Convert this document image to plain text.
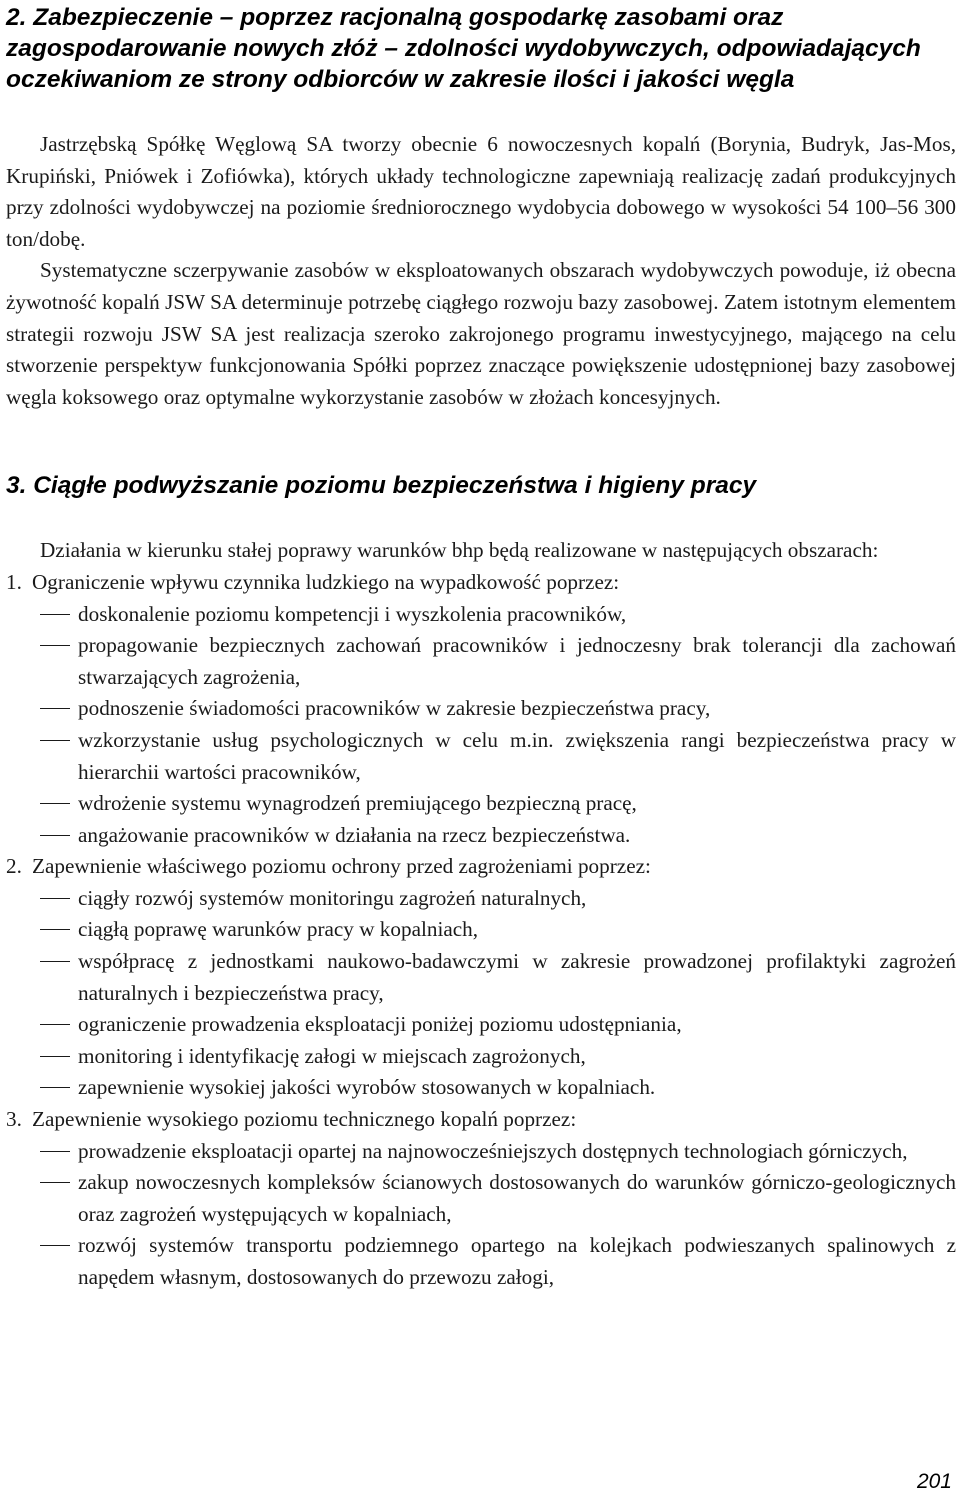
2. Zabezpieczenie – poprzez racjonalną gospodarkę zasobami oraz zagospodarowanie nowych złóż – zdolności wydobywczych, odpowiadających oczekiwaniom ze strony odbiorców w zakresie ilości i jakości węgla

Jastrzębską Spółkę Węglową SA tworzy obecnie 6 nowoczesnych kopalń (Borynia, Budryk, Jas-Mos, Krupiński, Pniówek i Zofiówka), których układy technologiczne zapewniają realizację zadań produkcyjnych przy zdolności wydobywczej na poziomie średniorocznego wydobycia dobowego w wysokości 54 100–56 300 ton/dobę.

Systematyczne sczerpywanie zasobów w eksploatowanych obszarach wydobywczych powoduje, iż obecna żywotność kopalń JSW SA determinuje potrzebę ciągłego rozwoju bazy zasobowej. Zatem istotnym elementem strategii rozwoju JSW SA jest realizacja szeroko zakrojonego programu inwestycyjnego, mającego na celu stworzenie perspektyw funkcjonowania Spółki poprzez znaczące powiększenie udostępnionej bazy zasobowej węgla koksowego oraz optymalne wykorzystanie zasobów w złożach koncesyjnych.

3. Ciągłe podwyższanie poziomu bezpieczeństwa i higieny pracy

Działania w kierunku stałej poprawy warunków bhp będą realizowane w następujących obszarach:

1. Ograniczenie wpływu czynnika ludzkiego na wypadkowość poprzez:
doskonalenie poziomu kompetencji i wyszkolenia pracowników,
propagowanie bezpiecznych zachowań pracowników i jednoczesny brak tolerancji dla zachowań stwarzających zagrożenia,
podnoszenie świadomości pracowników w zakresie bezpieczeństwa pracy,
wzkorzystanie usług psychologicznych w celu m.in. zwiększenia rangi bezpieczeństwa pracy w hierarchii wartości pracowników,
wdrożenie systemu wynagrodzeń premiującego bezpieczną pracę,
angażowanie pracowników w działania na rzecz bezpieczeństwa.
2. Zapewnienie właściwego poziomu ochrony przed zagrożeniami poprzez:
ciągły rozwój systemów monitoringu zagrożeń naturalnych,
ciągłą poprawę warunków pracy w kopalniach,
współpracę z jednostkami naukowo-badawczymi w zakresie prowadzonej profilaktyki zagrożeń naturalnych i bezpieczeństwa pracy,
ograniczenie prowadzenia eksploatacji poniżej poziomu udostępniania,
monitoring i identyfikację załogi w miejscach zagrożonych,
zapewnienie wysokiej jakości wyrobów stosowanych w kopalniach.
3. Zapewnienie wysokiego poziomu technicznego kopalń poprzez:
prowadzenie eksploatacji opartej na najnowocześniejszych dostępnych technologiach górniczych,
zakup nowoczesnych kompleksów ścianowych dostosowanych do warunków górniczo-geologicznych oraz zagrożeń występujących w kopalniach,
rozwój systemów transportu podziemnego opartego na kolejkach podwieszanych spalinowych z napędem własnym, dostosowanych do przewozu załogi,
201
